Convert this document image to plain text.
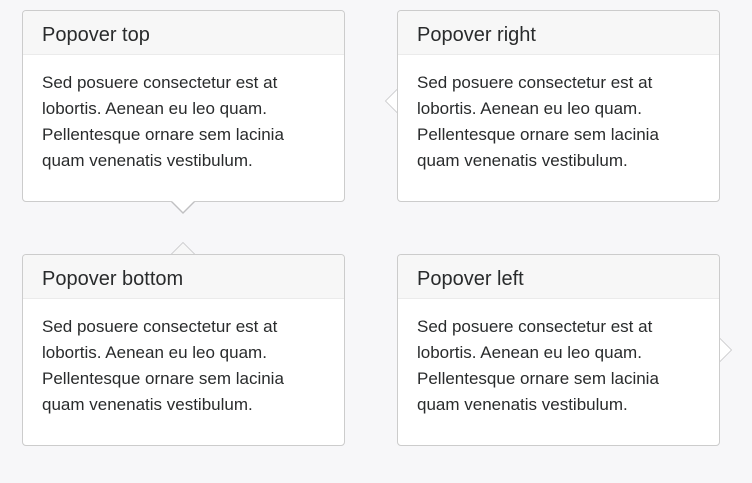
Popover top

Sed posuere consectetur est at
lobortis. Aenean eu leo quam.
Pellentesque ornare sem lacinia
quam venenatis vestibulum.

Popover right

Sed posuere consectetur est at
lobortis. Aenean eu leo quam.
Pellentesque ornare sem lacinia
quam venenatis vestibulum.

Popover bottom

Sed posuere consectetur est at
lobortis. Aenean eu leo quam.
Pellentesque ornare sem lacinia
quam venenatis vestibulum.

Popover left

Sed posuere consectetur est at
lobortis. Aenean eu leo quam.
Pellentesque ornare sem lacinia
quam venenatis vestibulum.
